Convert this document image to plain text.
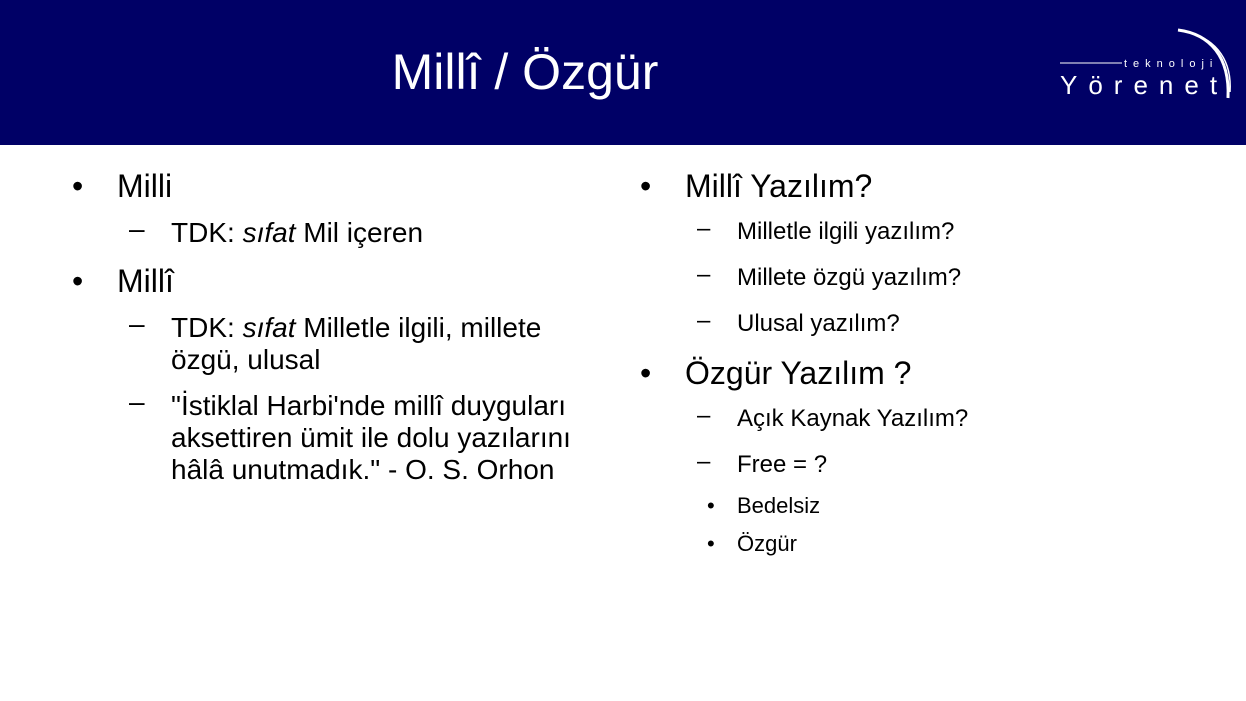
Millî / Özgür	teknoloji
Yörenet
• Milli
– TDK: sıfat Mil içeren
• Millî
– TDK: sıfat Milletle ilgili, millete özgü, ulusal
– "İstiklal Harbi'nde millî duyguları aksettiren ümit ile dolu yazılarını hâlâ unutmadık." - O. S. Orhon
• Millî Yazılım?
– Milletle ilgili yazılım?
– Millete özgü yazılım?
– Ulusal yazılım?
• Özgür Yazılım ?
– Açık Kaynak Yazılım?
– Free = ?
• Bedelsiz
• Özgür
